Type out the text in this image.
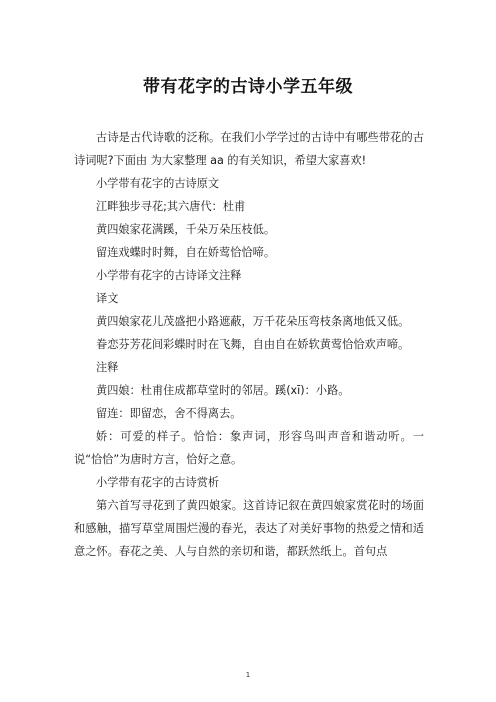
带有花字的古诗小学五年级

古诗是古代诗歌的泛称。在我们小学学过的古诗中有哪些带花的古诗词呢?下面由 为大家整理 aa 的有关知识，希望大家喜欢!

小学带有花字的古诗原文

江畔独步寻花;其六唐代：杜甫

黄四娘家花满蹊，千朵万朵压枝低。

留连戏蝶时时舞，自在娇莺恰恰啼。

小学带有花字的古诗译文注释

译文

黄四娘家花儿茂盛把小路遮蔽，万千花朵压弯枝条离地低又低。

眷恋芬芳花间彩蝶时时在飞舞，自由自在娇软黄莺恰恰欢声啼。

注释

黄四娘：杜甫住成都草堂时的邻居。蹊(xī)：小路。

留连：即留恋，舍不得离去。

娇：可爱的样子。恰恰：象声词，形容鸟叫声音和谐动听。一说“恰恰”为唐时方言，恰好之意。

小学带有花字的古诗赏析

第六首写寻花到了黄四娘家。这首诗记叙在黄四娘家赏花时的场面和感触，描写草堂周围烂漫的春光，表达了对美好事物的热爱之情和适意之怀。春花之美、人与自然的亲切和谐，都跃然纸上。首句点

1
